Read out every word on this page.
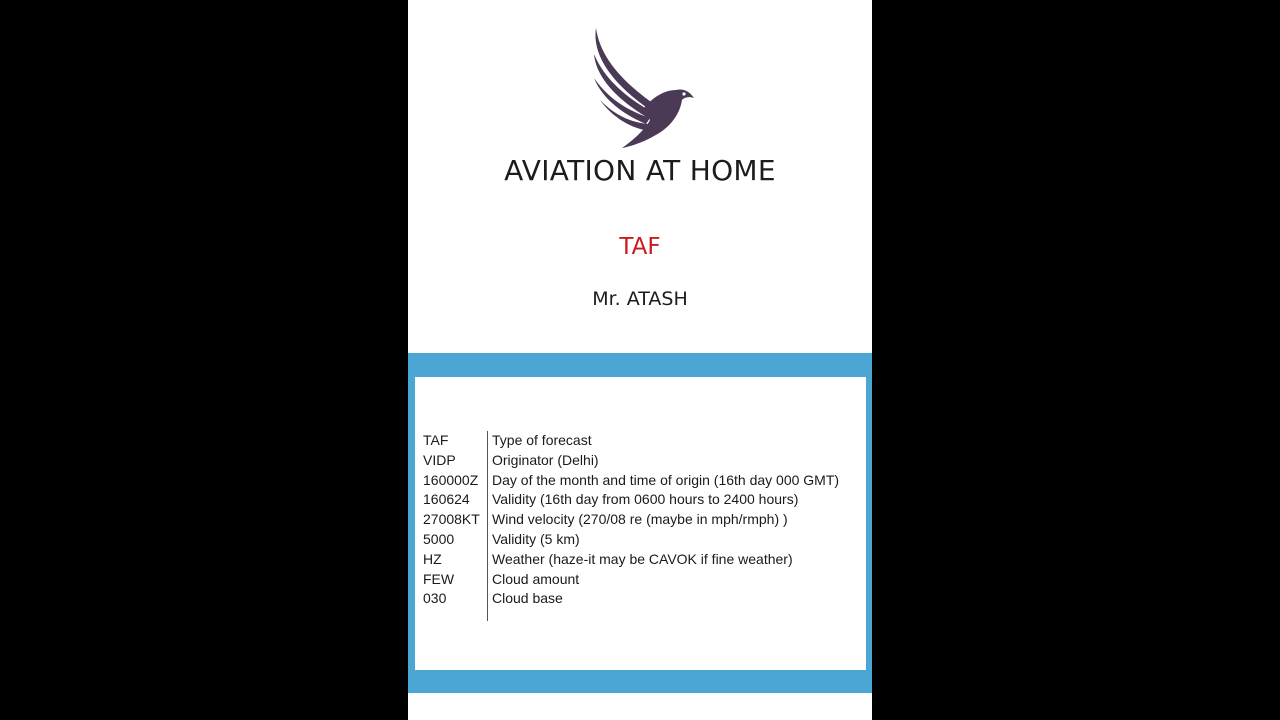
AVIATION AT HOME
TAF
Mr. ATASH
TAF	Type of forecast
VIDP	Originator (Delhi)
160000Z	Day of the month and time of origin (16th day 000 GMT)
160624	Validity (16th day from 0600 hours to 2400 hours)
27008KT	Wind velocity (270/08 re (maybe in mph/rmph) )
5000	Validity (5 km)
HZ	Weather (haze-it may be CAVOK if fine weather)
FEW	Cloud amount
030	Cloud base
